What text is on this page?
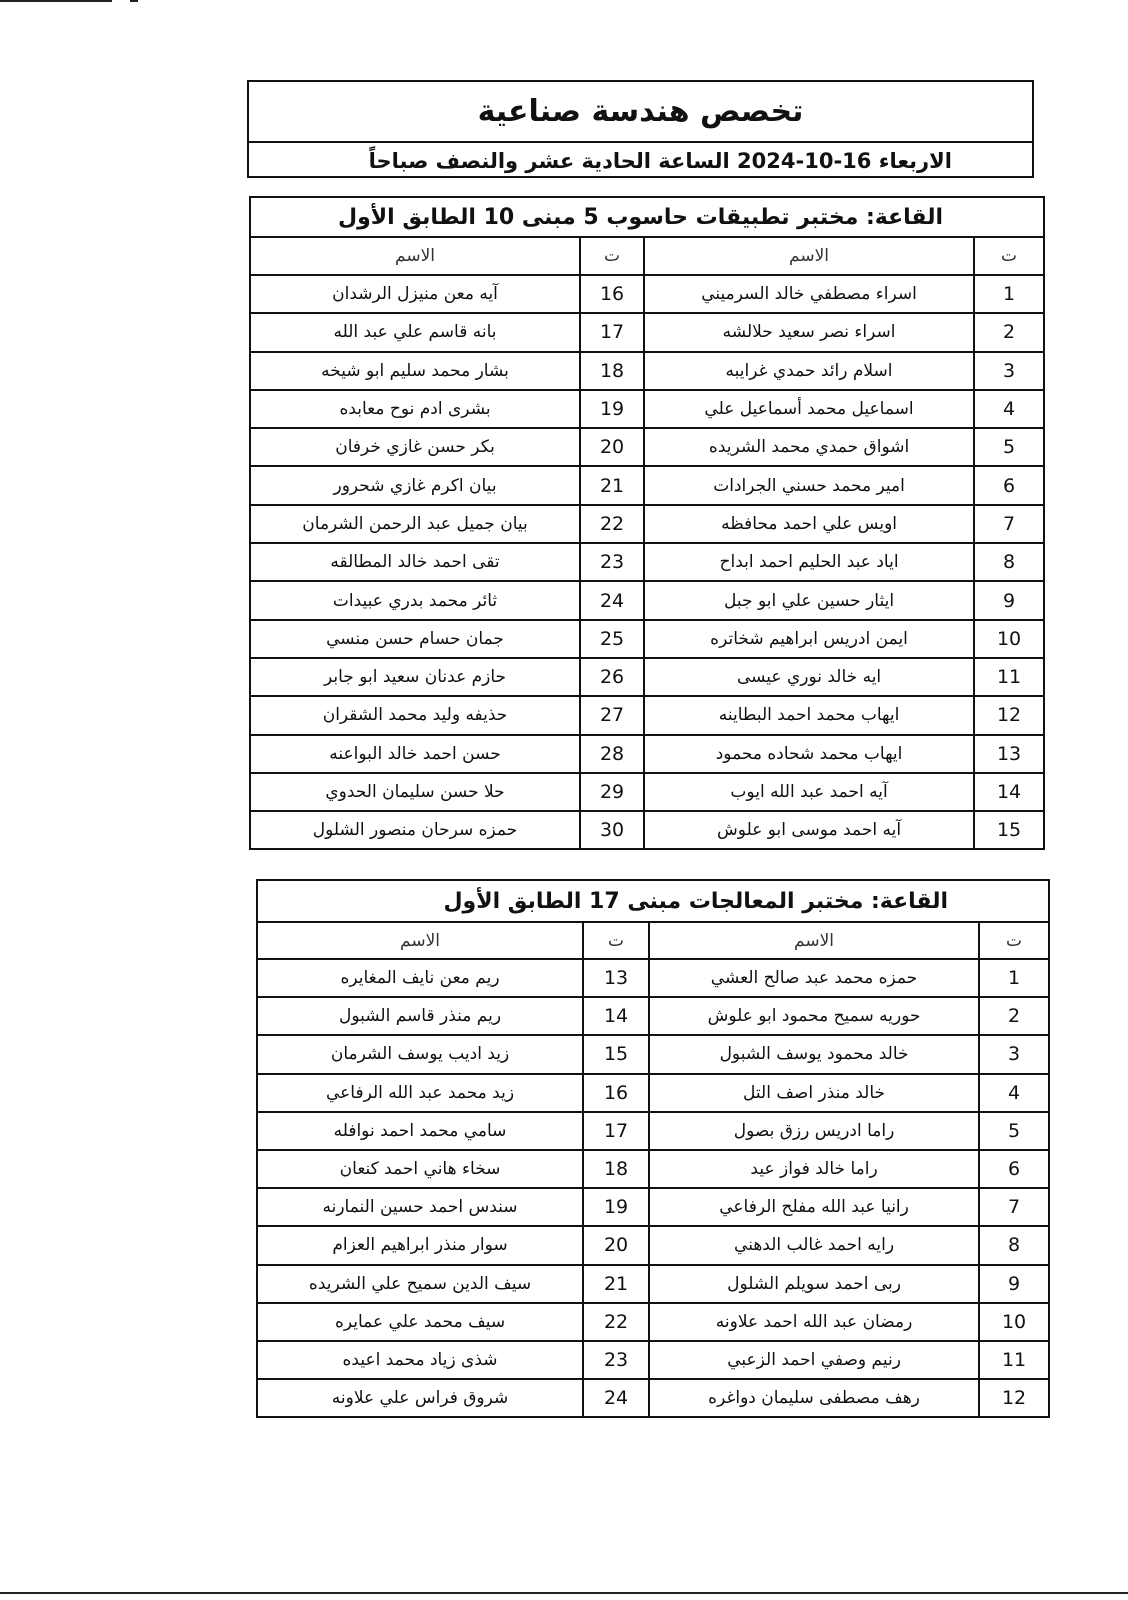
تخصص هندسة صناعية
الاربعاء 16-10-2024 الساعة الحادية عشر والنصف صباحاً
القاعة: مختبر تطبيقات حاسوب 5 مبنى 10 الطابق الأول			
ت	الاسم	ت	الاسم
1	اسراء مصطفي خالد السرميني	16	آيه معن منيزل الرشدان
2	اسراء نصر سعيد حلالشه	17	بانه قاسم علي عبد الله
3	اسلام رائد حمدي غرايبه	18	بشار محمد سليم ابو شيخه
4	اسماعيل محمد أسماعيل علي	19	بشرى ادم نوح معابده
5	اشواق حمدي محمد الشريده	20	بكر حسن غازي خرفان
6	امير محمد حسني الجرادات	21	بيان اكرم غازي شحرور
7	اويس علي احمد محافظه	22	بيان جميل عبد الرحمن الشرمان
8	اياد عبد الحليم احمد ابداح	23	تقى احمد خالد المطالقه
9	ايثار حسين علي ابو جبل	24	ثائر محمد بدري عبيدات
10	ايمن ادريس ابراهيم شخاتره	25	جمان حسام حسن منسي
11	ايه خالد نوري عيسى	26	حازم عدنان سعيد ابو جابر
12	ايهاب محمد احمد البطاينه	27	حذيفه وليد محمد الشقران
13	ايهاب محمد شحاده محمود	28	حسن احمد خالد البواعنه
14	آيه احمد عبد الله ايوب	29	حلا حسن سليمان الحدوي
15	آيه احمد موسى ابو علوش	30	حمزه سرحان منصور الشلول
القاعة: مختبر المعالجات مبنى 17 الطابق الأول			
ت	الاسم	ت	الاسم
1	حمزه محمد عبد صالح العشي	13	ريم معن نايف المغايره
2	حوريه سميح محمود ابو علوش	14	ريم منذر قاسم الشبول
3	خالد محمود يوسف الشبول	15	زيد اديب يوسف الشرمان
4	خالد منذر اصف التل	16	زيد محمد عبد الله الرفاعي
5	راما ادريس رزق بصول	17	سامي محمد احمد نوافله
6	راما خالد فواز عيد	18	سخاء هاني احمد كنعان
7	رانيا عبد الله مفلح الرفاعي	19	سندس احمد حسين النمارنه
8	رايه احمد غالب الدهني	20	سوار منذر ابراهيم العزام
9	ربى احمد سويلم الشلول	21	سيف الدين سميح علي الشريده
10	رمضان عبد الله احمد علاونه	22	سيف محمد علي عمايره
11	رنيم وصفي احمد الزعبي	23	شذى زياد محمد اعيده
12	رهف مصطفى سليمان دواغره	24	شروق فراس علي علاونه
